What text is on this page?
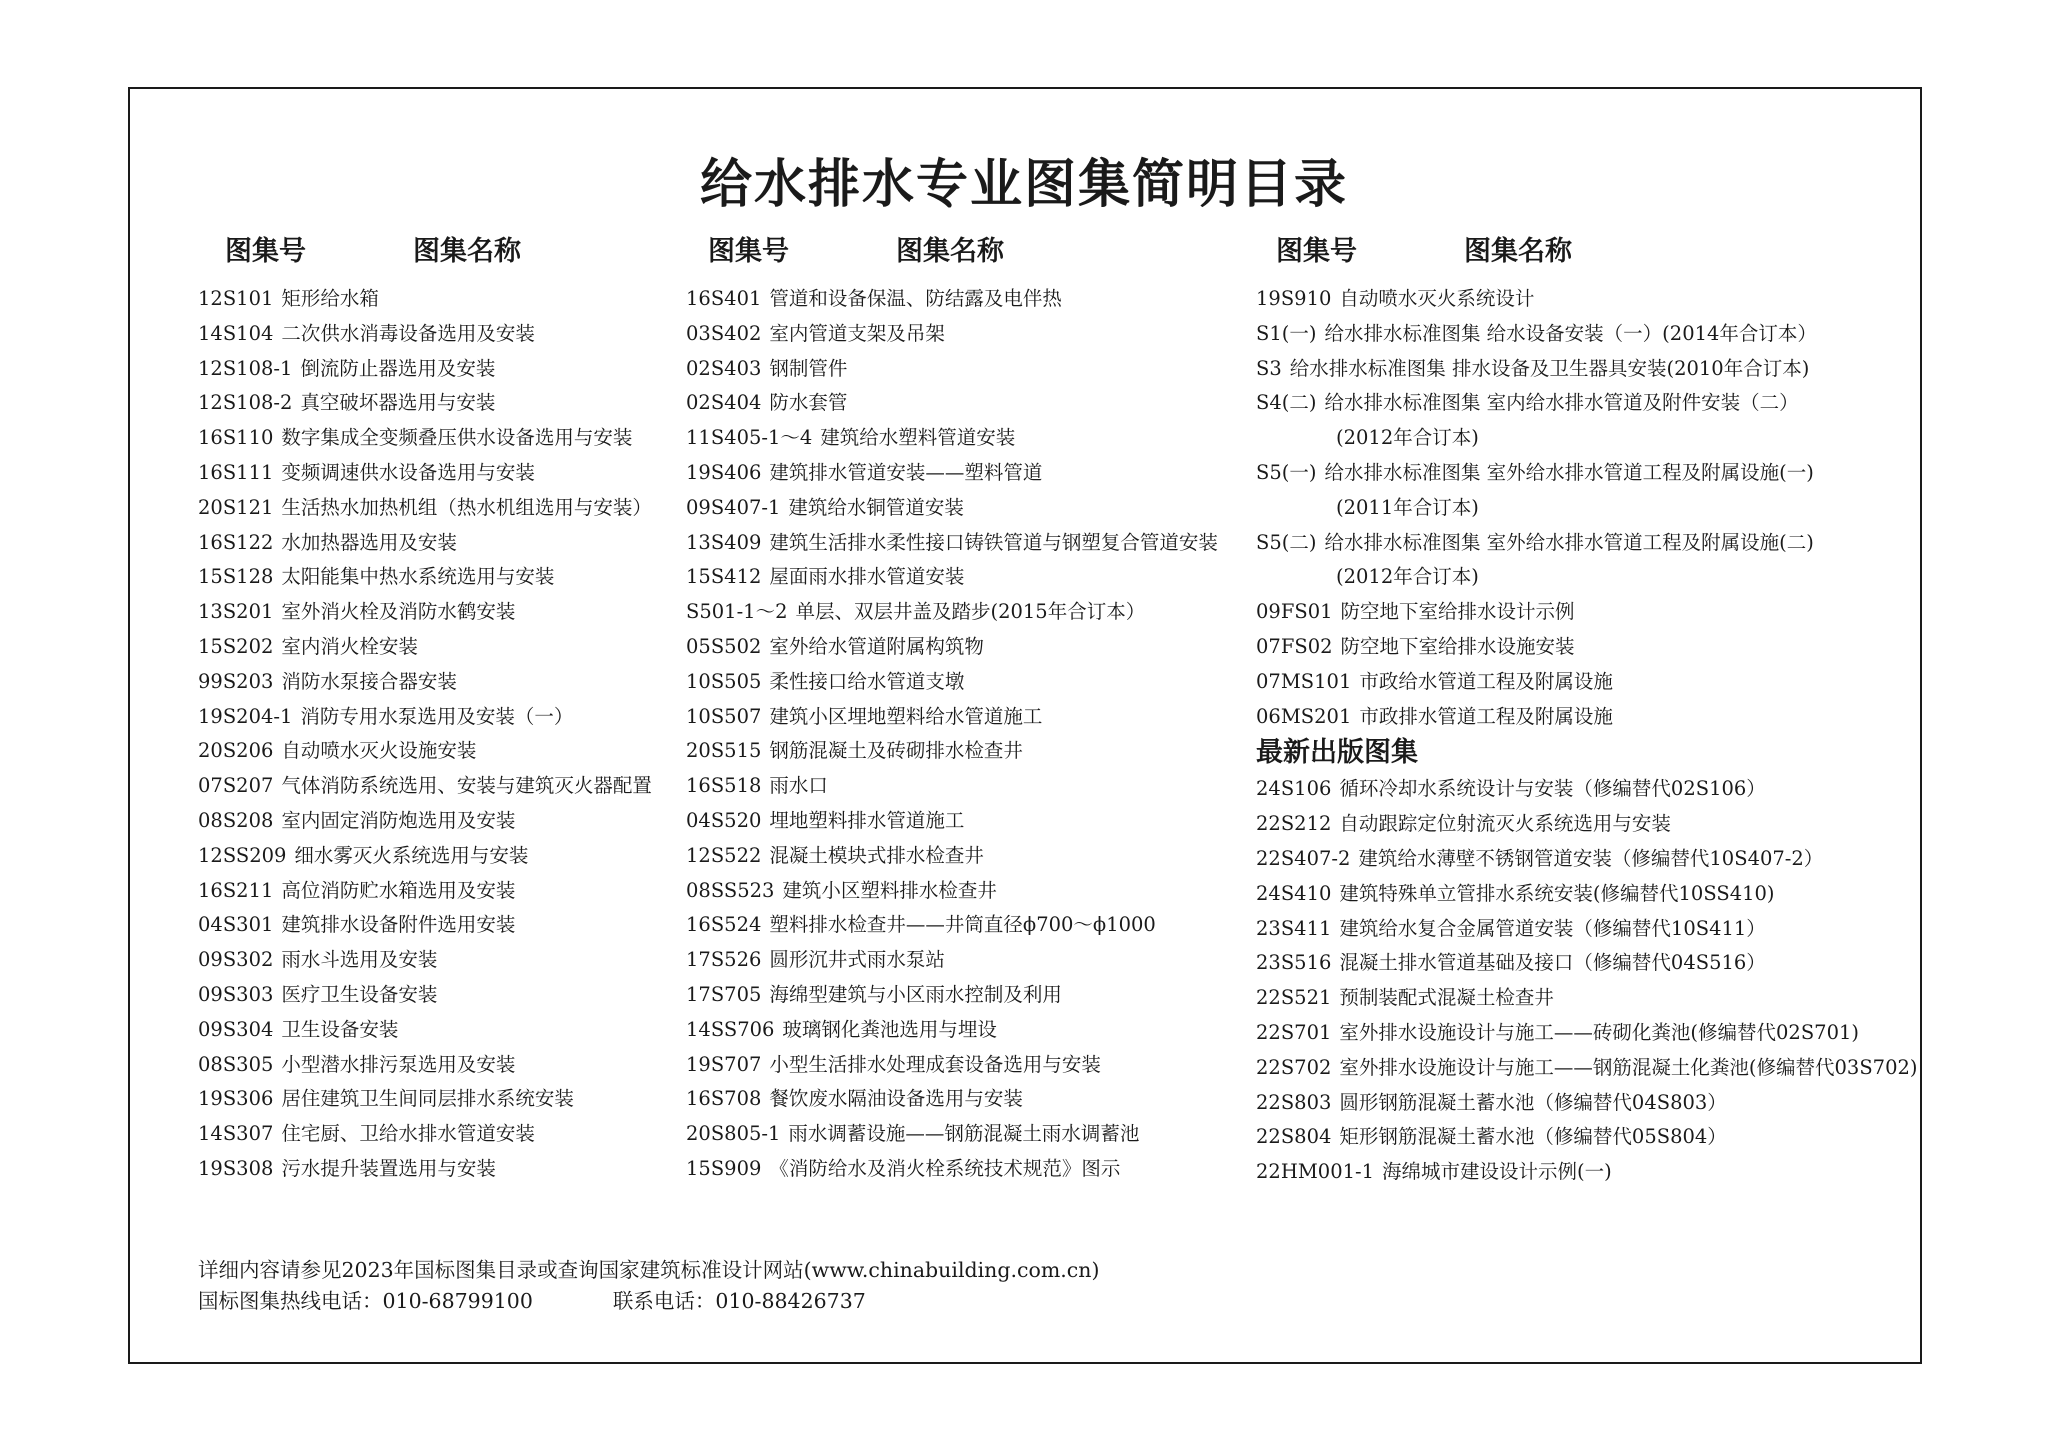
给水排水专业图集简明目录
图集号	图集名称
12S101 矩形给水箱
14S104 二次供水消毒设备选用及安装
12S108-1 倒流防止器选用及安装
12S108-2 真空破坏器选用与安装
16S110 数字集成全变频叠压供水设备选用与安装
16S111 变频调速供水设备选用与安装
20S121 生活热水加热机组（热水机组选用与安装）
16S122 水加热器选用及安装
15S128 太阳能集中热水系统选用与安装
13S201 室外消火栓及消防水鹤安装
15S202 室内消火栓安装
99S203 消防水泵接合器安装
19S204-1 消防专用水泵选用及安装（一）
20S206 自动喷水灭火设施安装
07S207 气体消防系统选用、安装与建筑灭火器配置
08S208 室内固定消防炮选用及安装
12SS209 细水雾灭火系统选用与安装
16S211 高位消防贮水箱选用及安装
04S301 建筑排水设备附件选用安装
09S302 雨水斗选用及安装
09S303 医疗卫生设备安装
09S304 卫生设备安装
08S305 小型潜水排污泵选用及安装
19S306 居住建筑卫生间同层排水系统安装
14S307 住宅厨、卫给水排水管道安装
19S308 污水提升装置选用与安装
图集号	图集名称
16S401 管道和设备保温、防结露及电伴热
03S402 室内管道支架及吊架
02S403 钢制管件
02S404 防水套管
11S405-1～4 建筑给水塑料管道安装
19S406 建筑排水管道安装——塑料管道
09S407-1 建筑给水铜管道安装
13S409 建筑生活排水柔性接口铸铁管道与钢塑复合管道安装
15S412 屋面雨水排水管道安装
S501-1～2 单层、双层井盖及踏步(2015年合订本）
05S502 室外给水管道附属构筑物
10S505 柔性接口给水管道支墩
10S507 建筑小区埋地塑料给水管道施工
20S515 钢筋混凝土及砖砌排水检查井
16S518 雨水口
04S520 埋地塑料排水管道施工
12S522 混凝土模块式排水检查井
08SS523 建筑小区塑料排水检查井
16S524 塑料排水检查井——井筒直径ϕ700～ϕ1000
17S526 圆形沉井式雨水泵站
17S705 海绵型建筑与小区雨水控制及利用
14SS706 玻璃钢化粪池选用与埋设
19S707 小型生活排水处理成套设备选用与安装
16S708 餐饮废水隔油设备选用与安装
20S805-1 雨水调蓄设施——钢筋混凝土雨水调蓄池
15S909 《消防给水及消火栓系统技术规范》图示
图集号	图集名称
19S910 自动喷水灭火系统设计
S1(一) 给水排水标准图集 给水设备安装（一）(2014年合订本）
S3 给水排水标准图集 排水设备及卫生器具安装(2010年合订本)
S4(二) 给水排水标准图集 室内给水排水管道及附件安装（二）
(2012年合订本)
S5(一) 给水排水标准图集 室外给水排水管道工程及附属设施(一)
(2011年合订本)
S5(二) 给水排水标准图集 室外给水排水管道工程及附属设施(二)
(2012年合订本)
09FS01 防空地下室给排水设计示例
07FS02 防空地下室给排水设施安装
07MS101 市政给水管道工程及附属设施
06MS201 市政排水管道工程及附属设施
最新出版图集
24S106 循环冷却水系统设计与安装（修编替代02S106）
22S212 自动跟踪定位射流灭火系统选用与安装
22S407-2 建筑给水薄壁不锈钢管道安装（修编替代10S407-2）
24S410 建筑特殊单立管排水系统安装(修编替代10SS410)
23S411 建筑给水复合金属管道安装（修编替代10S411）
23S516 混凝土排水管道基础及接口（修编替代04S516）
22S521 预制装配式混凝土检查井
22S701 室外排水设施设计与施工——砖砌化粪池(修编替代02S701)
22S702 室外排水设施设计与施工——钢筋混凝土化粪池(修编替代03S702)
22S803 圆形钢筋混凝土蓄水池（修编替代04S803）
22S804 矩形钢筋混凝土蓄水池（修编替代05S804）
22HM001-1 海绵城市建设设计示例(一)
详细内容请参见2023年国标图集目录或查询国家建筑标准设计网站(www.chinabuilding.com.cn)
国标图集热线电话：010-68799100	联系电话：010-88426737
